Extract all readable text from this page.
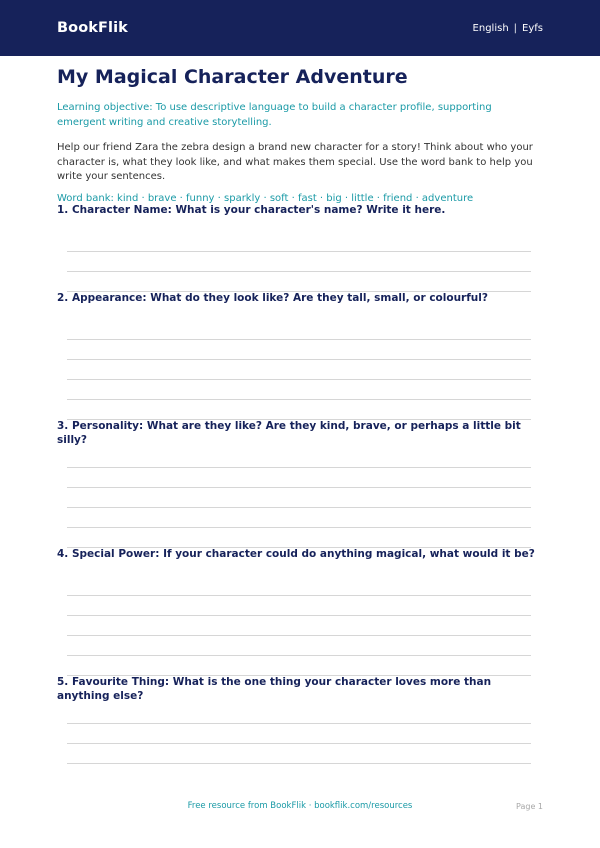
BookFlik	English | Eyfs
My Magical Character Adventure

Learning objective: To use descriptive language to build a character profile, supporting emergent writing and creative storytelling.

Help our friend Zara the zebra design a brand new character for a story! Think about who your character is, what they look like, and what makes them special. Use the word bank to help you write your sentences.

Word bank: kind · brave · funny · sparkly · soft · fast · big · little · friend · adventure

1. Character Name: What is your character's name? Write it here.
2. Appearance: What do they look like? Are they tall, small, or colourful?
3. Personality: What are they like? Are they kind, brave, or perhaps a little bit silly?
4. Special Power: If your character could do anything magical, what would it be?
5. Favourite Thing: What is the one thing your character loves more than anything else?
Free resource from BookFlik · bookflik.com/resources	Page 1
